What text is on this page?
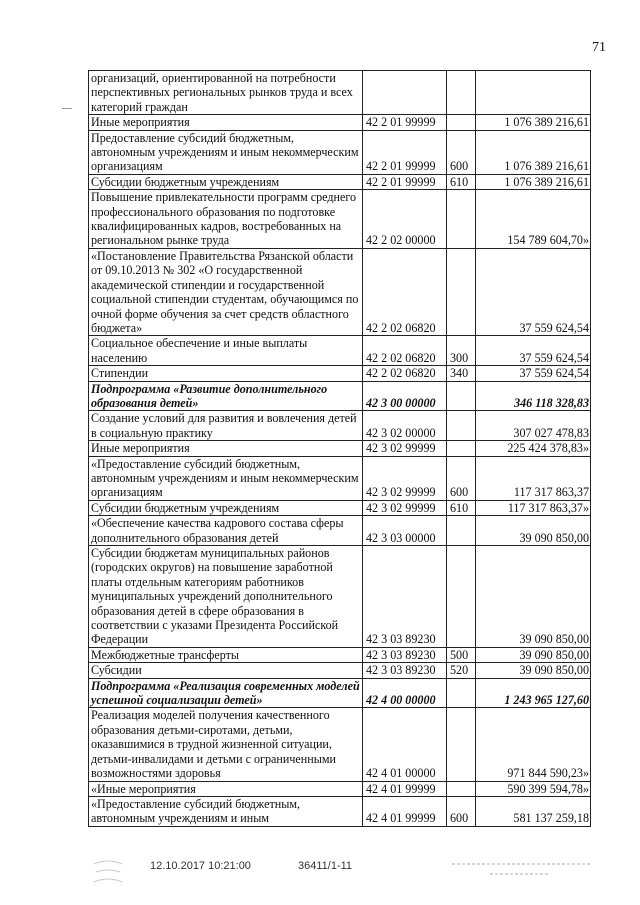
71
организаций, ориентированной на потребности перспективных региональных рынков труда и всех категорий граждан			
Иные мероприятия	42 2 01 99999		1 076 389 216,61
Предоставление субсидий бюджетным, автономным учреждениям и иным некоммерческим организациям	42 2 01 99999	600	1 076 389 216,61
Субсидии бюджетным учреждениям	42 2 01 99999	610	1 076 389 216,61
Повышение привлекательности программ среднего профессионального образования по подготовке квалифицированных кадров, востребованных на региональном рынке труда	42 2 02 00000		154 789 604,70»
«Постановление Правительства Рязанской области от 09.10.2013 № 302 «О государственной академической стипендии и государственной социальной стипендии студентам, обучающимся по очной форме обучения за счет средств областного бюджета»	42 2 02 06820		37 559 624,54
Социальное обеспечение и иные выплаты населению	42 2 02 06820	300	37 559 624,54
Стипендии	42 2 02 06820	340	37 559 624,54
Подпрограмма «Развитие дополнительного образования детей»	42 3 00 00000		346 118 328,83
Создание условий для развития и вовлечения детей в социальную практику	42 3 02 00000		307 027 478,83
Иные мероприятия	42 3 02 99999		225 424 378,83»
«Предоставление субсидий бюджетным, автономным учреждениям и иным некоммерческим организациям	42 3 02 99999	600	117 317 863,37
Субсидии бюджетным учреждениям	42 3 02 99999	610	117 317 863,37»
«Обеспечение качества кадрового состава сферы дополнительного образования детей	42 3 03 00000		39 090 850,00
Субсидии бюджетам муниципальных районов (городских округов) на повышение заработной платы отдельным категориям работников муниципальных учреждений дополнительного образования детей в сфере образования в соответствии с указами Президента Российской Федерации	42 3 03 89230		39 090 850,00
Межбюджетные трансферты	42 3 03 89230	500	39 090 850,00
Субсидии	42 3 03 89230	520	39 090 850,00
Подпрограмма «Реализация современных моделей успешной социализации детей»	42 4 00 00000		1 243 965 127,60
Реализация моделей получения качественного образования детьми-сиротами, детьми, оказавшимися в трудной жизненной ситуации, детьми-инвалидами и детьми с ограниченными возможностями здоровья	42 4 01 00000		971 844 590,23»
«Иные мероприятия	42 4 01 99999		590 399 594,78»
«Предоставление субсидий бюджетным, автономным учреждениям и иным	42 4 01 99999	600	581 137 259,18
12.10.2017 10:21:00	36411/1-11
